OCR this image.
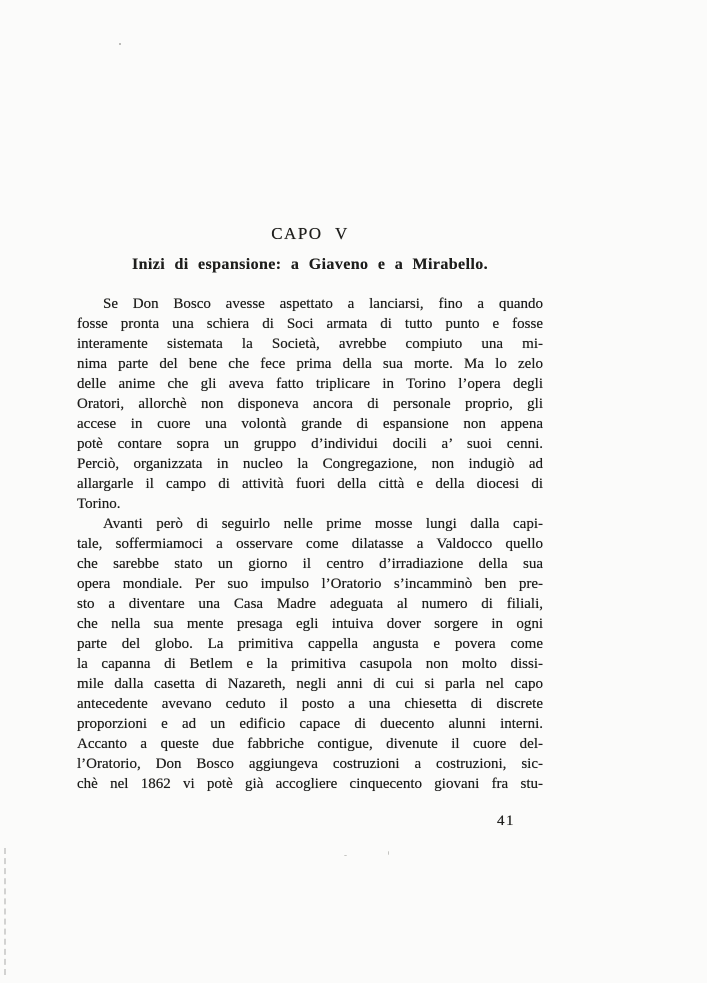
CAPO V
Inizi di espansione: a Giaveno e a Mirabello.
Se Don Bosco avesse aspettato a lanciarsi, fino a quando
fosse pronta una schiera di Soci armata di tutto punto e fosse
interamente sistemata la Società, avrebbe compiuto una mi-
nima parte del bene che fece prima della sua morte. Ma lo zelo
delle anime che gli aveva fatto triplicare in Torino l’opera degli
Oratori, allorchè non disponeva ancora di personale proprio, gli
accese in cuore una volontà grande di espansione non appena
potè contare sopra un gruppo d’individui docili a’ suoi cenni.
Perciò, organizzata in nucleo la Congregazione, non indugiò ad
allargarle il campo di attività fuori della città e della diocesi di
Torino.
Avanti però di seguirlo nelle prime mosse lungi dalla capi-
tale, soffermiamoci a osservare come dilatasse a Valdocco quello
che sarebbe stato un giorno il centro d’irradiazione della sua
opera mondiale. Per suo impulso l’Oratorio s’incamminò ben pre-
sto a diventare una Casa Madre adeguata al numero di filiali,
che nella sua mente presaga egli intuiva dover sorgere in ogni
parte del globo. La primitiva cappella angusta e povera come
la capanna di Betlem e la primitiva casupola non molto dissi-
mile dalla casetta di Nazareth, negli anni di cui si parla nel capo
antecedente avevano ceduto il posto a una chiesetta di discrete
proporzioni e ad un edificio capace di duecento alunni interni.
Accanto a queste due fabbriche contigue, divenute il cuore del-
l’Oratorio, Don Bosco aggiungeva costruzioni a costruzioni, sic-
chè nel 1862 vi potè già accogliere cinquecento giovani fra stu-
41
